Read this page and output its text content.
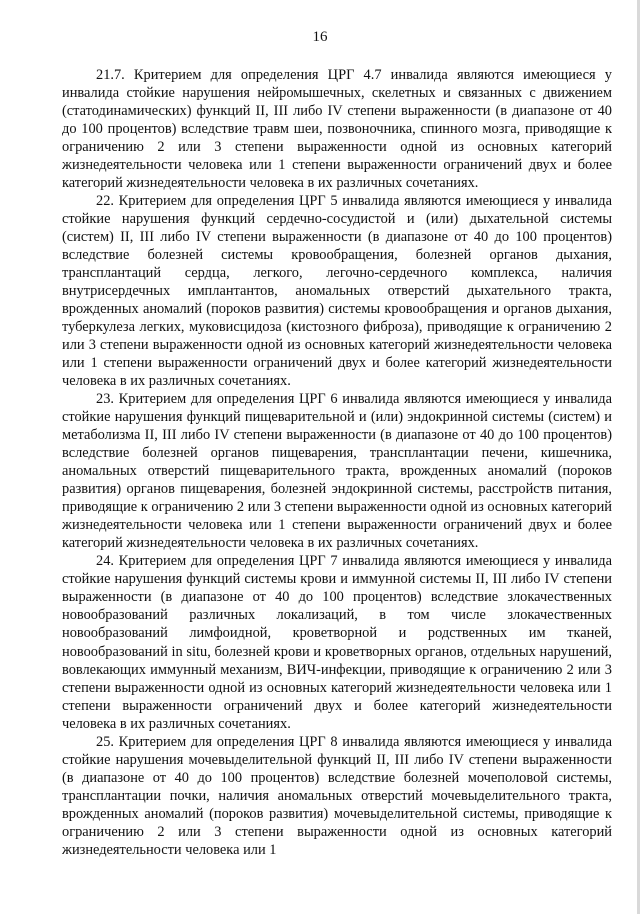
16

21.7. Критерием для определения ЦРГ 4.7 инвалида являются имеющиеся у инвалида стойкие нарушения нейромышечных, скелетных и связанных с движением (статодинамических) функций II, III либо IV степени выраженности (в диапазоне от 40 до 100 процентов) вследствие травм шеи, позвоночника, спинного мозга, приводящие к ограничению 2 или 3 степени выраженности одной из основных категорий жизнедеятельности человека или 1 степени выраженности ограничений двух и более категорий жизнедеятельности человека в их различных сочетаниях.

22. Критерием для определения ЦРГ 5 инвалида являются имеющиеся у инвалида стойкие нарушения функций сердечно-сосудистой и (или) дыхательной системы (систем) II, III либо IV степени выраженности (в диапазоне от 40 до 100 процентов) вследствие болезней системы кровообращения, болезней органов дыхания, трансплантаций сердца, легкого, легочно-сердечного комплекса, наличия внутрисердечных имплантантов, аномальных отверстий дыхательного тракта, врожденных аномалий (пороков развития) системы кровообращения и органов дыхания, туберкулеза легких, муковисцидоза (кистозного фиброза), приводящие к ограничению 2 или 3 степени выраженности одной из основных категорий жизнедеятельности человека или 1 степени выраженности ограничений двух и более категорий жизнедеятельности человека в их различных сочетаниях.

23. Критерием для определения ЦРГ 6 инвалида являются имеющиеся у инвалида стойкие нарушения функций пищеварительной и (или) эндокринной системы (систем) и метаболизма II, III либо IV степени выраженности (в диапазоне от 40 до 100 процентов) вследствие болезней органов пищеварения, трансплантации печени, кишечника, аномальных отверстий пищеварительного тракта, врожденных аномалий (пороков развития) органов пищеварения, болезней эндокринной системы, расстройств питания, приводящие к ограничению 2 или 3 степени выраженности одной из основных категорий жизнедеятельности человека или 1 степени выраженности ограничений двух и более категорий жизнедеятельности человека в их различных сочетаниях.

24. Критерием для определения ЦРГ 7 инвалида являются имеющиеся у инвалида стойкие нарушения функций системы крови и иммунной системы II, III либо IV степени выраженности (в диапазоне от 40 до 100 процентов) вследствие злокачественных новообразований различных локализаций, в том числе злокачественных новообразований лимфоидной, кроветворной и родственных им тканей, новообразований in situ, болезней крови и кроветворных органов, отдельных нарушений, вовлекающих иммунный механизм, ВИЧ-инфекции, приводящие к ограничению 2 или 3 степени выраженности одной из основных категорий жизнедеятельности человека или 1 степени выраженности ограничений двух и более категорий жизнедеятельности человека в их различных сочетаниях.

25. Критерием для определения ЦРГ 8 инвалида являются имеющиеся у инвалида стойкие нарушения мочевыделительной функций II, III либо IV степени выраженности (в диапазоне от 40 до 100 процентов) вследствие болезней мочеполовой системы, трансплантации почки, наличия аномальных отверстий мочевыделительного тракта, врожденных аномалий (пороков развития) мочевыделительной системы, приводящие к ограничению 2 или 3 степени выраженности одной из основных категорий жизнедеятельности человека или 1
